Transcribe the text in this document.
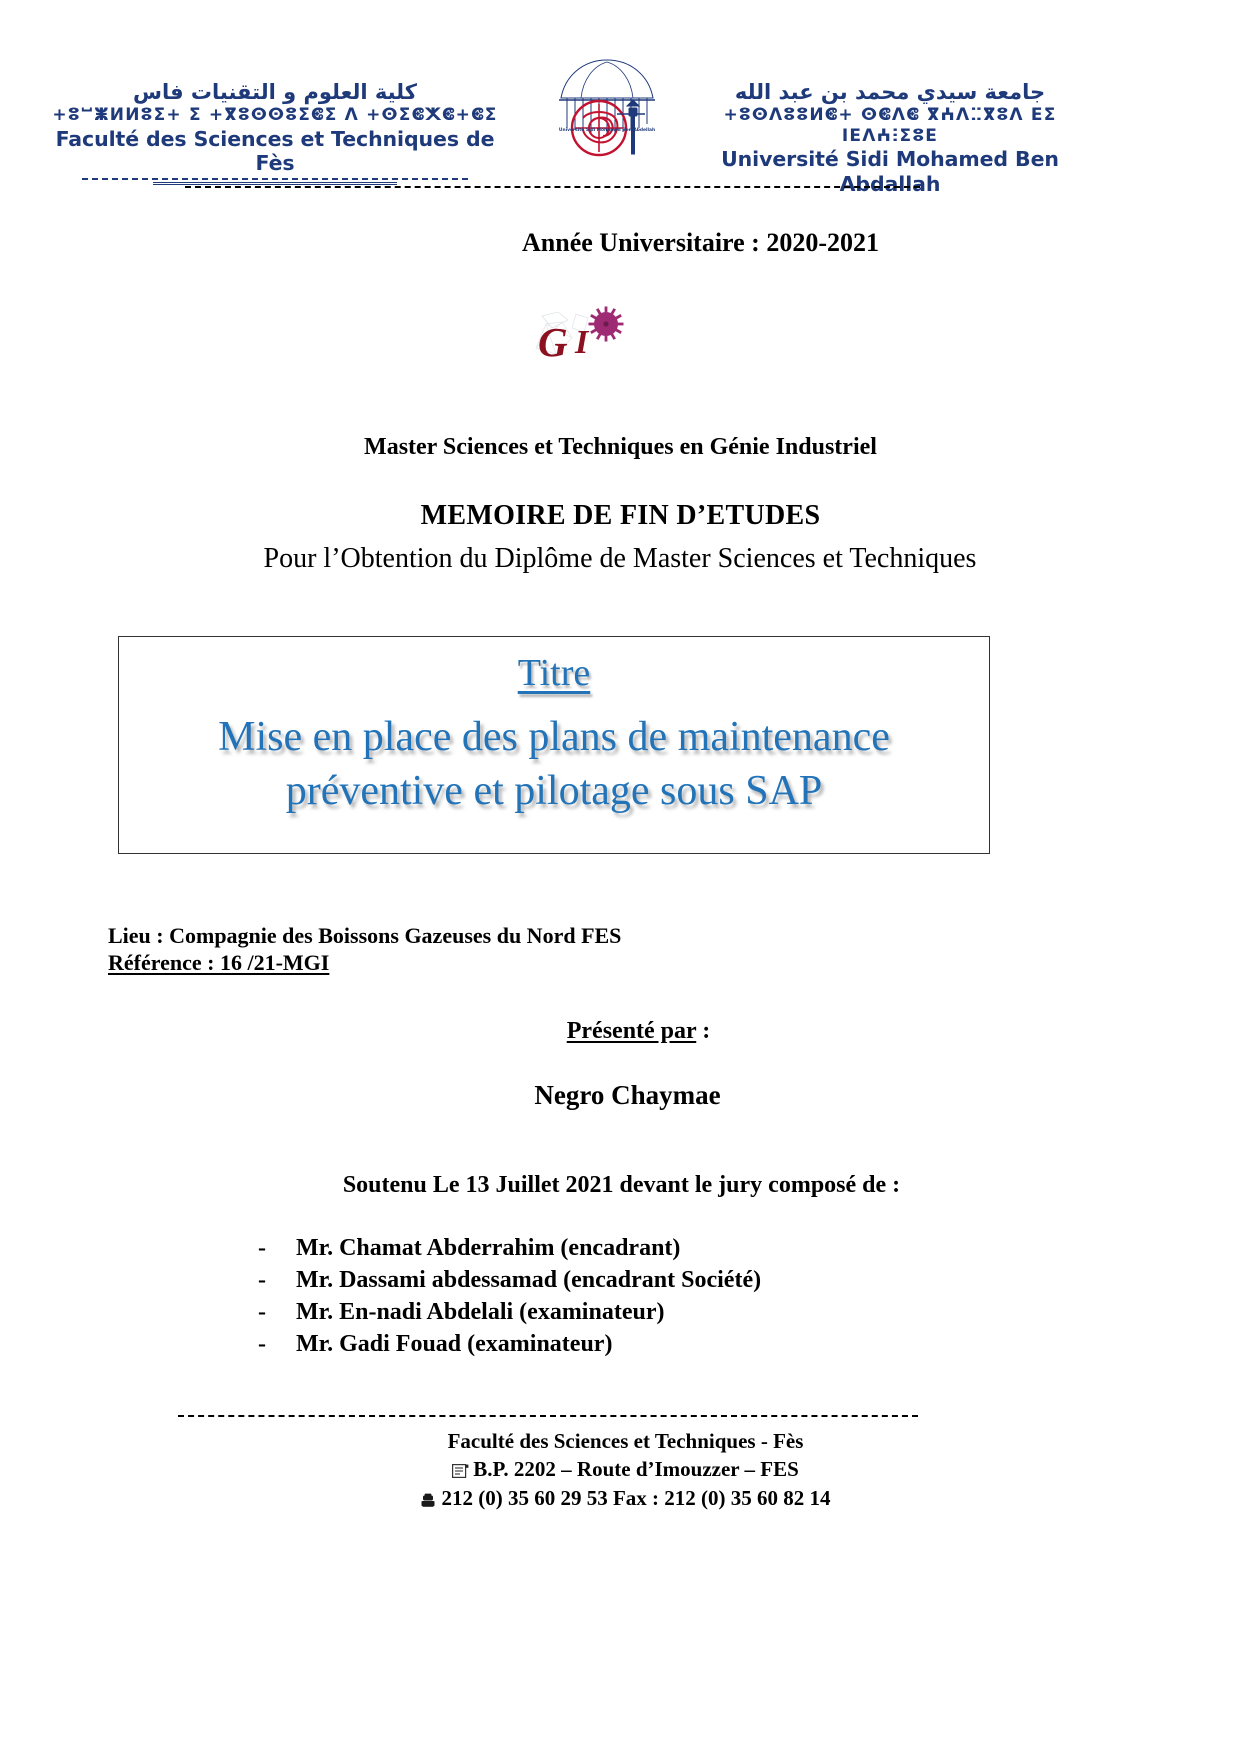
كلية العلوم و التقنيات فاس
+ⵓⵯⵥⵍⵍⵓⵉ+ ⵉ +ⴳⵓⵙⵙⵓⵉⵞⵉ ⴷ +ⵙⵉⵞⵅⵞ+ⵞⵉ
Faculté des Sciences et Techniques de Fès
Université Sidi Mohamed Ben Abdellah
جامعة سيدي محمد بن عبد الله
+ⵓⵙⴷⵓⵓⵍⵞ+ ⵙⵞⴷⵞ ⴳⵄⴷⵆⴳⵓⴷ ⴹⵉ ⵏⴹⴷⵄⵗⵉⵓⴹ
Université Sidi Mohamed Ben Abdallah
Année Universitaire : 2020-2021
G I
Master Sciences et Techniques en Génie Industriel
MEMOIRE DE FIN D’ETUDES
Pour l’Obtention du Diplôme de Master Sciences et Techniques
Titre
Mise en place des plans de maintenance préventive et pilotage sous SAP
Lieu : Compagnie des Boissons Gazeuses du Nord FES
Référence : 16 /21-MGI
Présenté par :
Negro Chaymae
Soutenu Le 13 Juillet 2021 devant le jury composé de :
-	Mr. Chamat Abderrahim (encadrant)
-	Mr. Dassami abdessamad (encadrant Société)
-	Mr. En-nadi Abdelali (examinateur)
-	Mr. Gadi Fouad (examinateur)
Faculté des Sciences et Techniques - Fès
B.P. 2202 – Route d’Imouzzer – FES
212 (0) 35 60 29 53 Fax : 212 (0) 35 60 82 14
